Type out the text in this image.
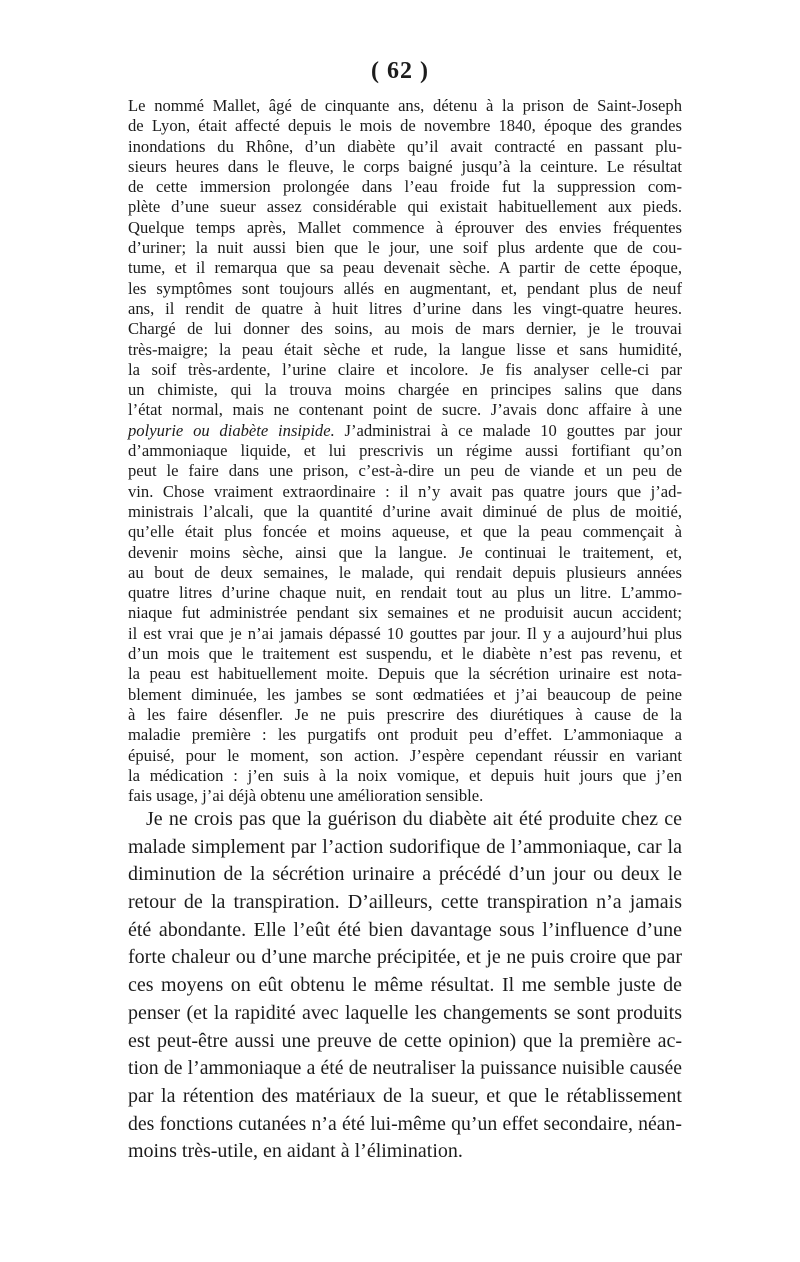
( 62 )
Le nommé Mallet, âgé de cinquante ans, détenu à la prison de Saint-Joseph
de Lyon, était affecté depuis le mois de novembre 1840, époque des grandes
inondations du Rhône, d’un diabète qu’il avait contracté en passant plu-
sieurs heures dans le fleuve, le corps baigné jusqu’à la ceinture. Le résultat
de cette immersion prolongée dans l’eau froide fut la suppression com-
plète d’une sueur assez considérable qui existait habituellement aux pieds.
Quelque temps après, Mallet commence à éprouver des envies fréquentes
d’uriner; la nuit aussi bien que le jour, une soif plus ardente que de cou-
tume, et il remarqua que sa peau devenait sèche. A partir de cette époque,
les symptômes sont toujours allés en augmentant, et, pendant plus de neuf
ans, il rendit de quatre à huit litres d’urine dans les vingt-quatre heures.
Chargé de lui donner des soins, au mois de mars dernier, je le trouvai
très-maigre; la peau était sèche et rude, la langue lisse et sans humidité,
la soif très-ardente, l’urine claire et incolore. Je fis analyser celle-ci par
un chimiste, qui la trouva moins chargée en principes salins que dans
l’état normal, mais ne contenant point de sucre. J’avais donc affaire à une
polyurie ou diabète insipide. J’administrai à ce malade 10 gouttes par jour
d’ammoniaque liquide, et lui prescrivis un régime aussi fortifiant qu’on
peut le faire dans une prison, c’est-à-dire un peu de viande et un peu de
vin. Chose vraiment extraordinaire : il n’y avait pas quatre jours que j’ad-
ministrais l’alcali, que la quantité d’urine avait diminué de plus de moitié,
qu’elle était plus foncée et moins aqueuse, et que la peau commençait à
devenir moins sèche, ainsi que la langue. Je continuai le traitement, et,
au bout de deux semaines, le malade, qui rendait depuis plusieurs années
quatre litres d’urine chaque nuit, en rendait tout au plus un litre. L’ammo-
niaque fut administrée pendant six semaines et ne produisit aucun accident;
il est vrai que je n’ai jamais dépassé 10 gouttes par jour. Il y a aujourd’hui plus
d’un mois que le traitement est suspendu, et le diabète n’est pas revenu, et
la peau est habituellement moite. Depuis que la sécrétion urinaire est nota-
blement diminuée, les jambes se sont œdmatiées et j’ai beaucoup de peine
à les faire désenfler. Je ne puis prescrire des diurétiques à cause de la
maladie première : les purgatifs ont produit peu d’effet. L’ammoniaque a
épuisé, pour le moment, son action. J’espère cependant réussir en variant
la médication : j’en suis à la noix vomique, et depuis huit jours que j’en
fais usage, j’ai déjà obtenu une amélioration sensible.
Je ne crois pas que la guérison du diabète ait été produite chez ce
malade simplement par l’action sudorifique de l’ammoniaque, car la
diminution de la sécrétion urinaire a précédé d’un jour ou deux le
retour de la transpiration. D’ailleurs, cette transpiration n’a jamais
été abondante. Elle l’eût été bien davantage sous l’influence d’une
forte chaleur ou d’une marche précipitée, et je ne puis croire que par
ces moyens on eût obtenu le même résultat. Il me semble juste de
penser (et la rapidité avec laquelle les changements se sont produits
est peut-être aussi une preuve de cette opinion) que la première ac-
tion de l’ammoniaque a été de neutraliser la puissance nuisible causée
par la rétention des matériaux de la sueur, et que le rétablissement
des fonctions cutanées n’a été lui-même qu’un effet secondaire, néan-
moins très-utile, en aidant à l’élimination.
